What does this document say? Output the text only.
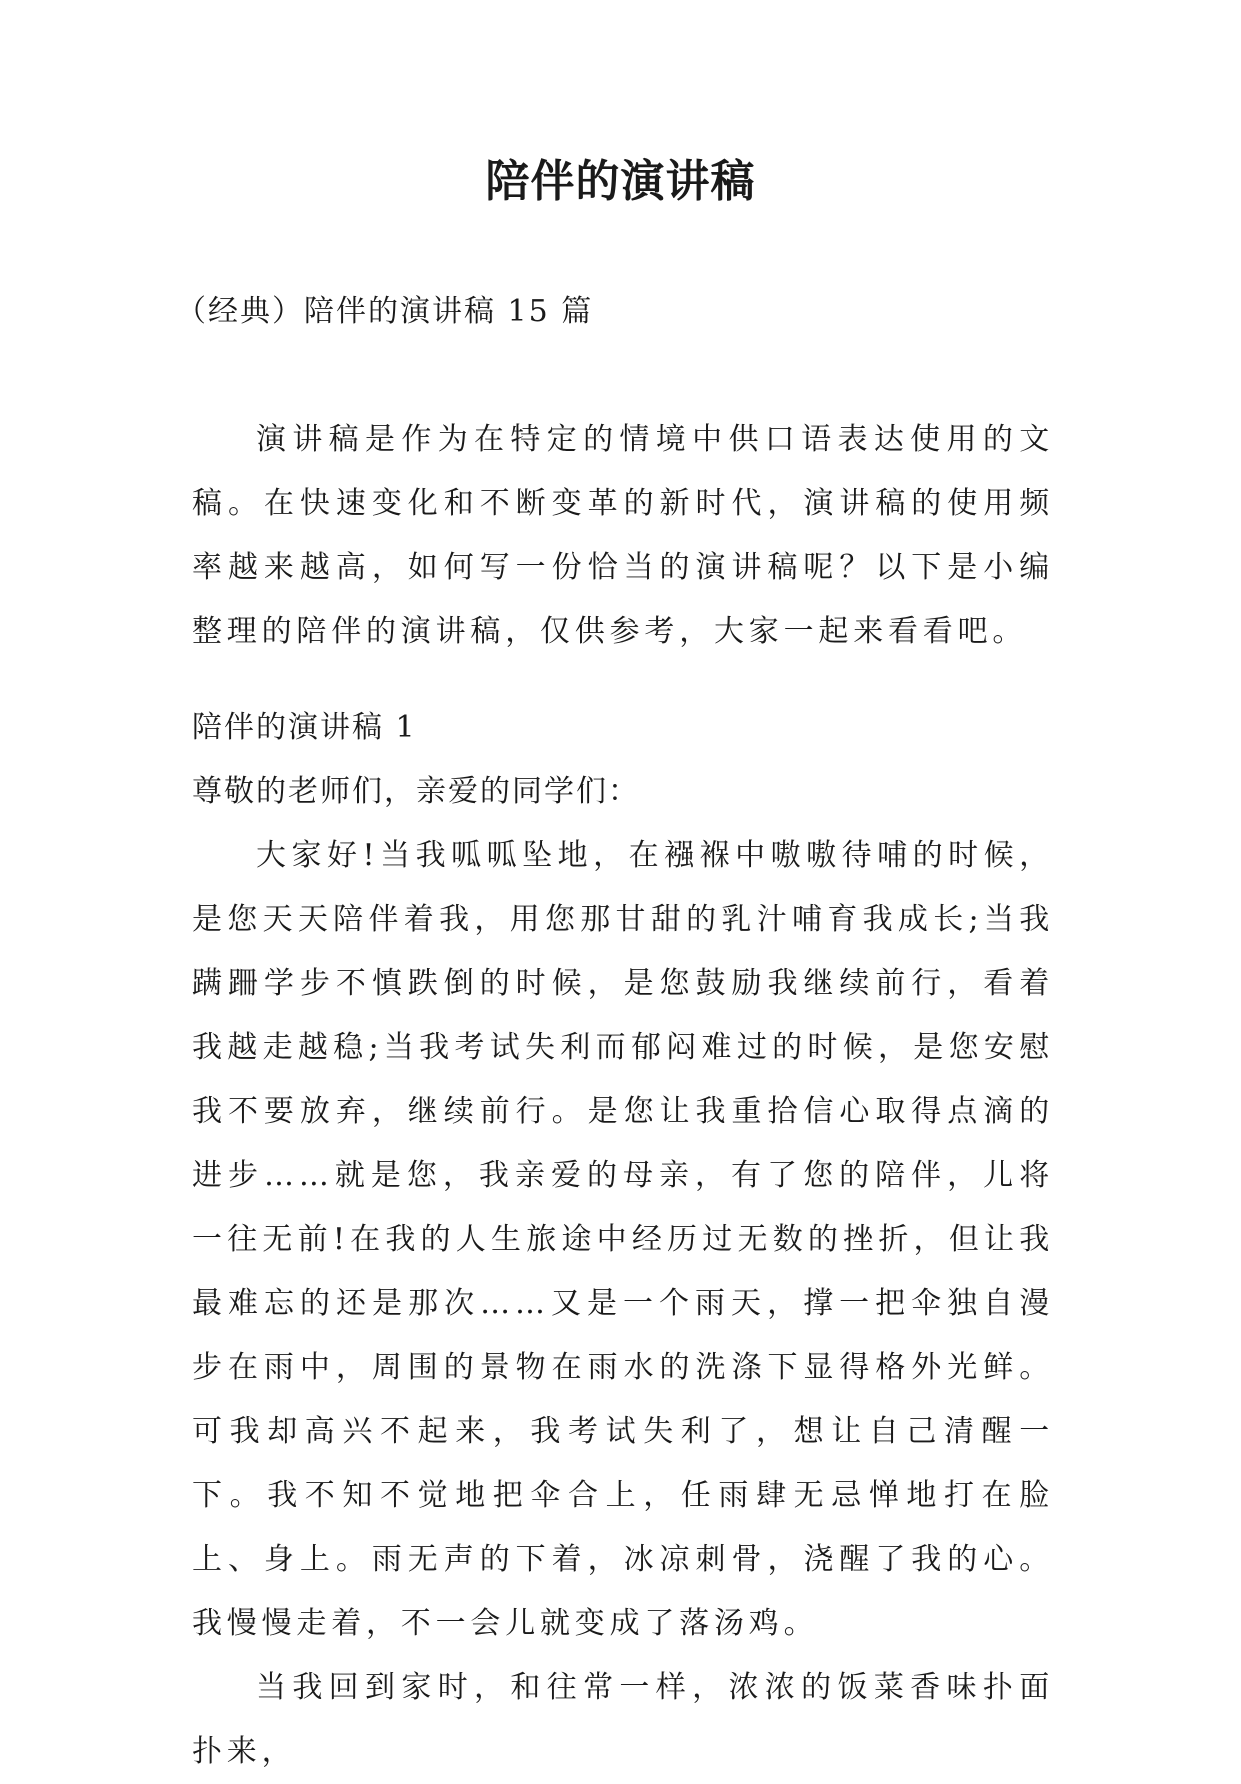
陪伴的演讲稿

（经典）陪伴的演讲稿 15 篇

演讲稿是作为在特定的情境中供口语表达使用的文稿。在快速变化和不断变革的新时代，演讲稿的使用频率越来越高，如何写一份恰当的演讲稿呢？以下是小编整理的陪伴的演讲稿，仅供参考，大家一起来看看吧。

陪伴的演讲稿 1

尊敬的老师们，亲爱的同学们：

大家好!当我呱呱坠地，在襁褓中嗷嗷待哺的时候，是您天天陪伴着我，用您那甘甜的乳汁哺育我成长;当我蹒跚学步不慎跌倒的时候，是您鼓励我继续前行，看着我越走越稳;当我考试失利而郁闷难过的时候，是您安慰我不要放弃，继续前行。是您让我重拾信心取得点滴的进步……就是您，我亲爱的母亲，有了您的陪伴，儿将一往无前!在我的人生旅途中经历过无数的挫折，但让我最难忘的还是那次……又是一个雨天，撑一把伞独自漫步在雨中，周围的景物在雨水的洗涤下显得格外光鲜。可我却高兴不起来，我考试失利了，想让自己清醒一下。我不知不觉地把伞合上，任雨肆无忌惮地打在脸上、身上。雨无声的下着，冰凉刺骨，浇醒了我的心。我慢慢走着，不一会儿就变成了落汤鸡。

当我回到家时，和往常一样，浓浓的饭菜香味扑面扑来，
